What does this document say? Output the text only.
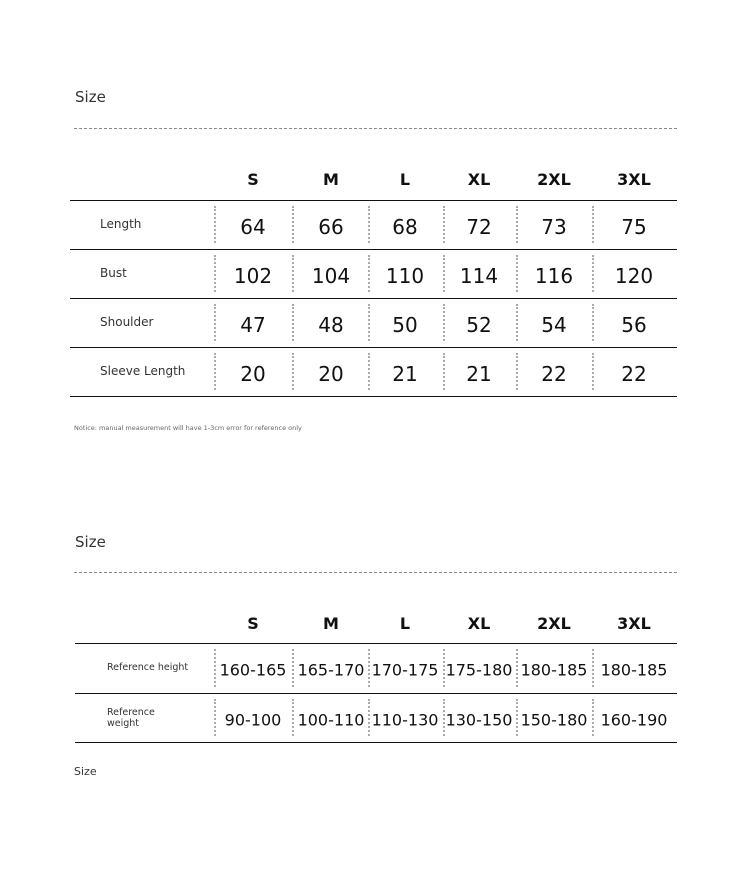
Size
S	M	L	XL	2XL	3XL
Length	64	66 68 72 73	75
Bust	102 104 110 114 116 120
Shoulder	47	48 50 52 54	56
Sleeve Length	20	20 21 21 22	22
Notice: manual measurement will have 1-3cm error for reference only
Size
S	M	L	XL	2XL	3XL
Reference height 160-165 165-170 170-175 175-180 180-185 180-185
Reference
weight	90-100 100-110 110-130 130-150 150-180 160-190
Size
